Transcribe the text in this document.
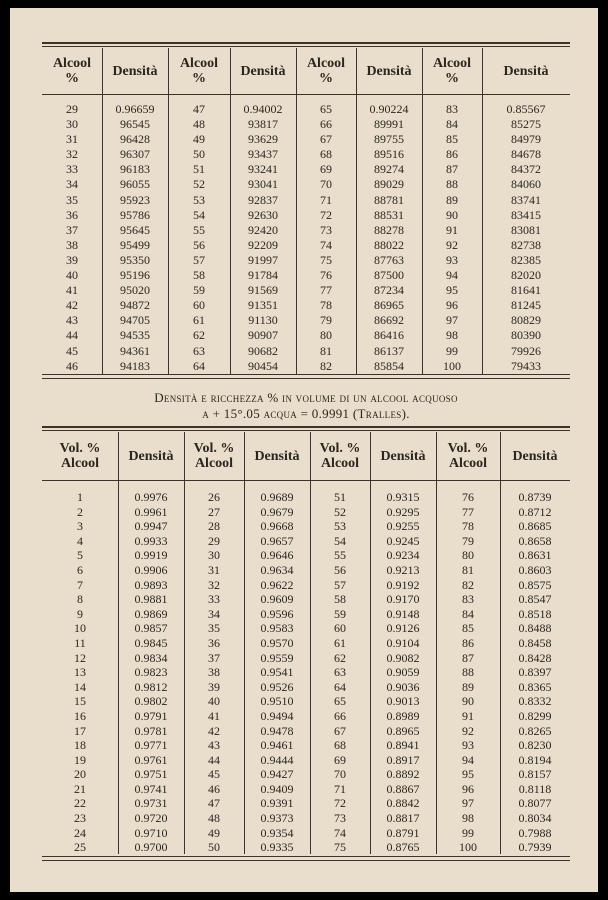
Alcool
% Densità Alcool
% Densità Alcool
% Densità Alcool
%	Densità
29
30
31
32
33
34
35
36
37
38
39
40
41
42
43
44
45
46
0.96659
96545
96428
96307
96183
96055
95923
95786
95645
95499
95350
95196
95020
94872
94705
94535
94361
94183
47
48
49
50
51
52
53
54
55
56
57
58
59
60
61
62
63
64
0.94002
93817
93629
93437
93241
93041
92837
92630
92420
92209
91997
91784
91569
91351
91130
90907
90682
90454
65
66
67
68
69
70
71
72
73
74
75
76
77
78
79
80
81
82
0.90224
89991
89755
89516
89274
89029
88781
88531
88278
88022
87763
87500
87234
86965
86692
86416
86137
85854
83
84
85
86
87
88
89
90
91
92
93
94
95
96
97
98
99
100
0.85567
85275
84979
84678
84372
84060
83741
83415
83081
82738
82385
82020
81641
81245
80829
80390
79926
79433
Densità e ricchezza % in volume di un alcool acquoso
a + 15°.05 acqua = 0.9991 (Tralles).
Vol. %
Alcool Densità Vol. %
Alcool Densità Vol. %
Alcool Densità Vol. %
Alcool Densità
1
2
3
4
5
6
7
8
9
10
11
12
13
14
15
16
17
18
19
20
21
22
23
24
25
0.9976
0.9961
0.9947
0.9933
0.9919
0.9906
0.9893
0.9881
0.9869
0.9857
0.9845
0.9834
0.9823
0.9812
0.9802
0.9791
0.9781
0.9771
0.9761
0.9751
0.9741
0.9731
0.9720
0.9710
0.9700
26
27
28
29
30
31
32
33
34
35
36
37
38
39
40
41
42
43
44
45
46
47
48
49
50
0.9689
0.9679
0.9668
0.9657
0.9646
0.9634
0.9622
0.9609
0.9596
0.9583
0.9570
0.9559
0.9541
0.9526
0.9510
0.9494
0.9478
0.9461
0.9444
0.9427
0.9409
0.9391
0.9373
0.9354
0.9335
51
52
53
54
55
56
57
58
59
60
61
62
63
64
65
66
67
68
69
70
71
72
73
74
75
0.9315
0.9295
0.9255
0.9245
0.9234
0.9213
0.9192
0.9170
0.9148
0.9126
0.9104
0.9082
0.9059
0.9036
0.9013
0.8989
0.8965
0.8941
0.8917
0.8892
0.8867
0.8842
0.8817
0.8791
0.8765
76
77
78
79
80
81
82
83
84
85
86
87
88
89
90
91
92
93
94
95
96
97
98
99
100
0.8739
0.8712
0.8685
0.8658
0.8631
0.8603
0.8575
0.8547
0.8518
0.8488
0.8458
0.8428
0.8397
0.8365
0.8332
0.8299
0.8265
0.8230
0.8194
0.8157
0.8118
0.8077
0.8034
0.7988
0.7939
